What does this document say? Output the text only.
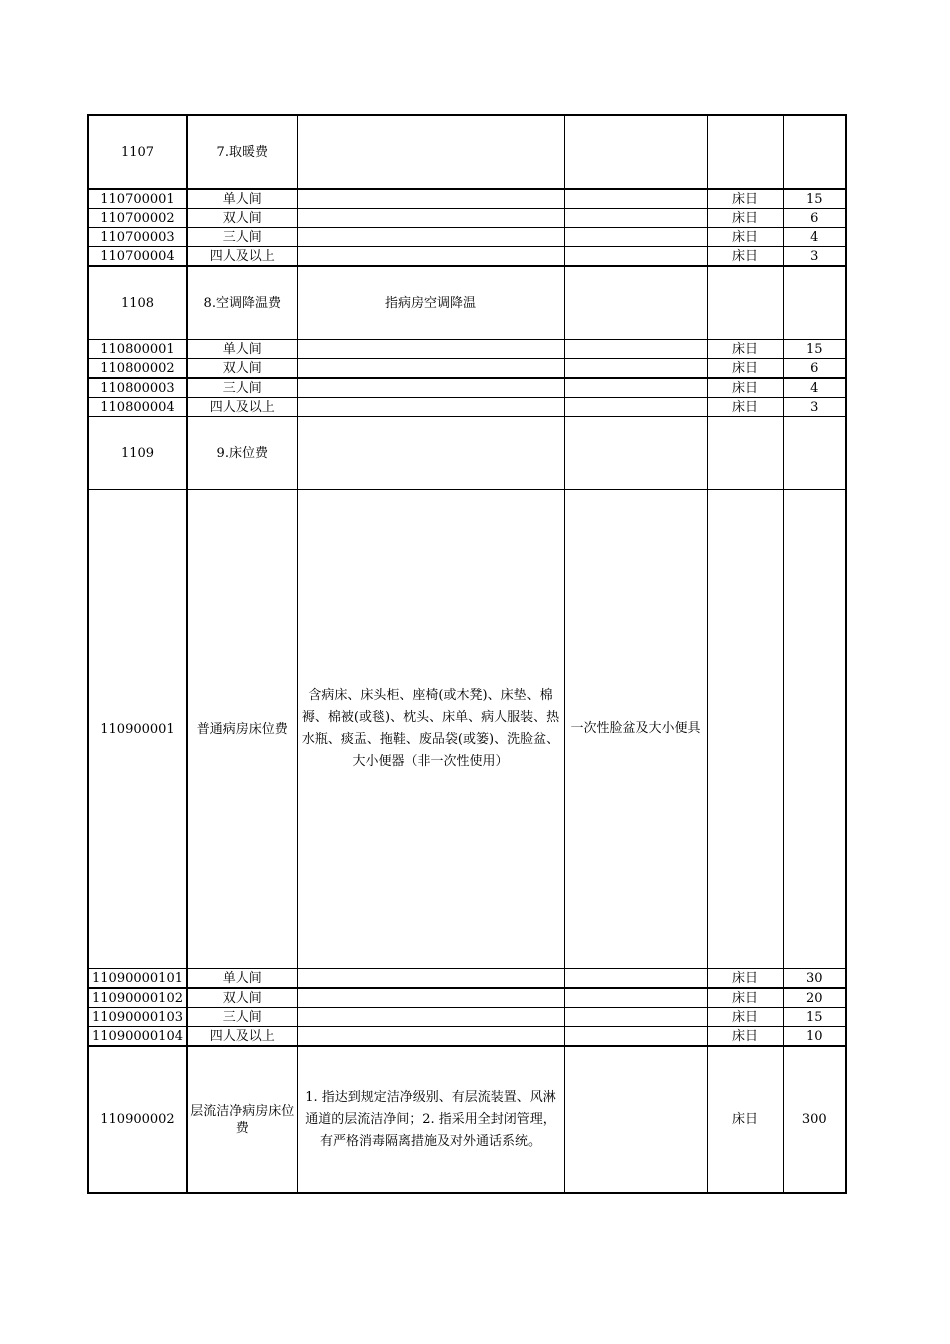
1107	7.取暖费				
110700001	单人间			床日	15
110700002	双人间			床日	6
110700003	三人间			床日	4
110700004	四人及以上			床日	3
1108	8.空调降温费	指病房空调降温			
110800001	单人间			床日	15
110800002	双人间			床日	6
110800003	三人间			床日	4
110800004	四人及以上			床日	3
1109	9.床位费				
110900001	普通病房床位费	含病床、床头柜、座椅(或木凳)、床垫、棉褥、棉被(或毯)、枕头、床单、病人服装、热水瓶、痰盂、拖鞋、废品袋(或篓)、洗脸盆、大小便器（非一次性使用）	一次性脸盆及大小便具		
11090000101	单人间			床日	30
11090000102	双人间			床日	20
11090000103	三人间			床日	15
11090000104	四人及以上			床日	10
110900002	层流洁净病房床位费	1. 指达到规定洁净级别、有层流装置、风淋通道的层流洁净间；2. 指采用全封闭管理，有严格消毒隔离措施及对外通话系统。		床日	300
